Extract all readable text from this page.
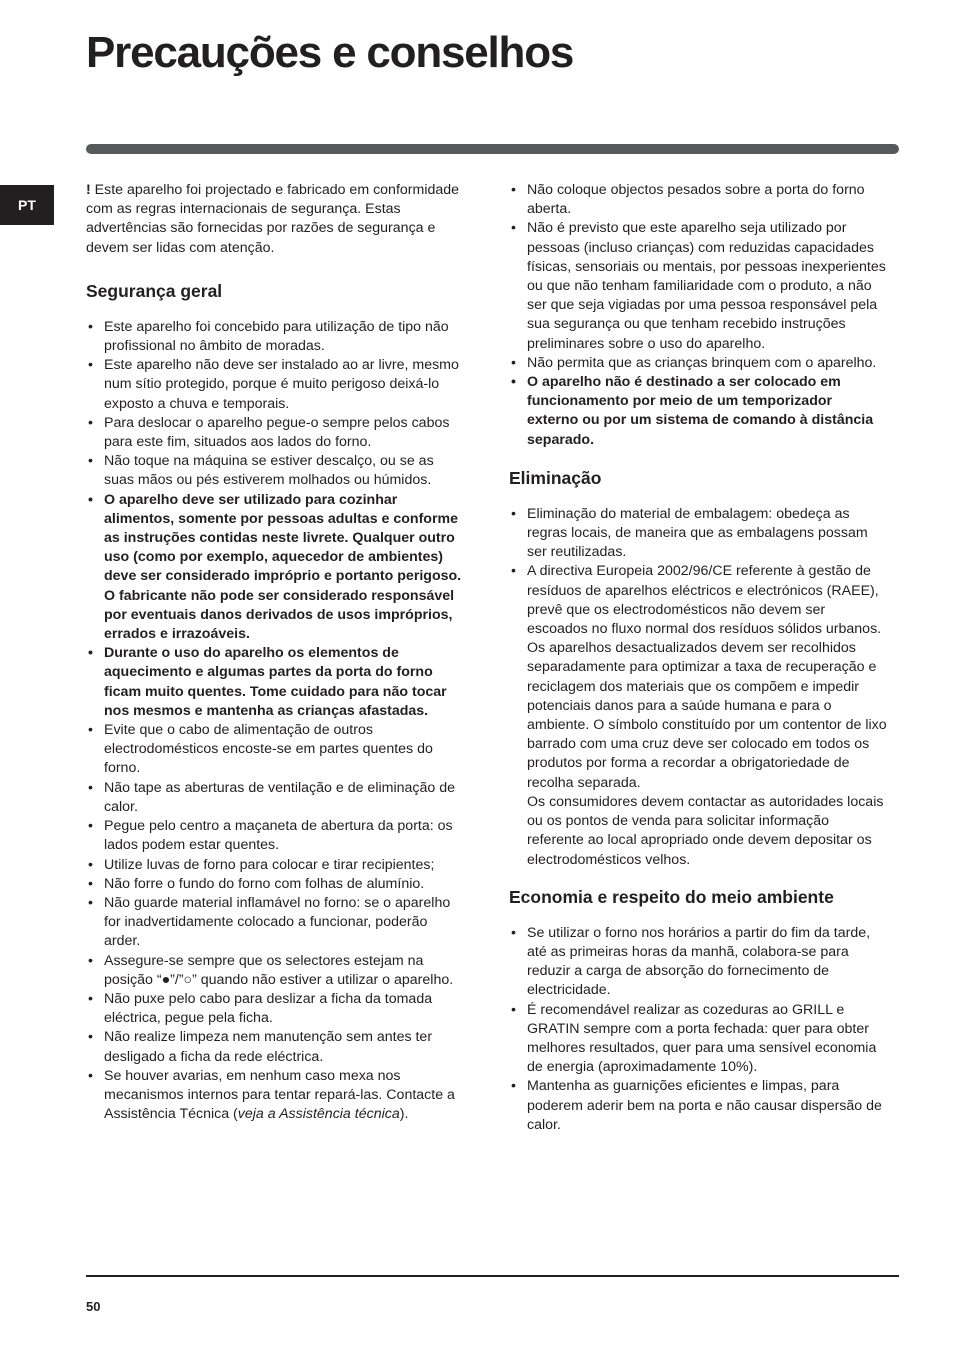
Precauções e conselhos
PT

! Este aparelho foi projectado e fabricado em conformidade com as regras internacionais de segurança. Estas advertências são fornecidas por razões de segurança e devem ser lidas com atenção.

Segurança geral
• Este aparelho foi concebido para utilização de tipo não profissional no âmbito de moradas.
• Este aparelho não deve ser instalado ao ar livre, mesmo num sítio protegido, porque é muito perigoso deixá-lo exposto a chuva e temporais.
• Para deslocar o aparelho pegue-o sempre pelos cabos para este fim, situados aos lados do forno.
• Não toque na máquina se estiver descalço, ou se as suas mãos ou pés estiverem molhados ou húmidos.
• O aparelho deve ser utilizado para cozinhar alimentos, somente por pessoas adultas e conforme as instruções contidas neste livrete. Qualquer outro uso (como por exemplo, aquecedor de ambientes) deve ser considerado impróprio e portanto perigoso. O fabricante não pode ser considerado responsável por eventuais danos derivados de usos impróprios, errados e irrazoáveis.
• Durante o uso do aparelho os elementos de aquecimento e algumas partes da porta do forno ficam muito quentes. Tome cuidado para não tocar nos mesmos e mantenha as crianças afastadas.
• Evite que o cabo de alimentação de outros electrodomésticos encoste-se em partes quentes do forno.
• Não tape as aberturas de ventilação e de eliminação de calor.
• Pegue pelo centro a maçaneta de abertura da porta: os lados podem estar quentes.
• Utilize luvas de forno para colocar e tirar recipientes;
• Não forre o fundo do forno com folhas de alumínio.
• Não guarde material inflamável no forno: se o aparelho for inadvertidamente colocado a funcionar, poderão arder.
• Assegure-se sempre que os selectores estejam na posição “●”/”○” quando não estiver a utilizar o aparelho.
• Não puxe pelo cabo para deslizar a ficha da tomada eléctrica, pegue pela ficha.
• Não realize limpeza nem manutenção sem antes ter desligado a ficha da rede eléctrica.
• Se houver avarias, em nenhum caso mexa nos mecanismos internos para tentar repará-las. Contacte a Assistência Técnica (veja a Assistência técnica).
• Não coloque objectos pesados sobre a porta do forno aberta.
• Não é previsto que este aparelho seja utilizado por pessoas (incluso crianças) com reduzidas capacidades físicas, sensoriais ou mentais, por pessoas inexperientes ou que não tenham familiaridade com o produto, a não ser que seja vigiadas por uma pessoa responsável pela sua segurança ou que tenham recebido instruções preliminares sobre o uso do aparelho.
• Não permita que as crianças brinquem com o aparelho.
• O aparelho não é destinado a ser colocado em funcionamento por meio de um temporizador externo ou por um sistema de comando à distância separado.
Eliminação
• Eliminação do material de embalagem: obedeça as regras locais, de maneira que as embalagens possam ser reutilizadas.
• A directiva Europeia 2002/96/CE referente à gestão de resíduos de aparelhos eléctricos e electrónicos (RAEE), prevê que os electrodomésticos não devem ser escoados no fluxo normal dos resíduos sólidos urbanos. Os aparelhos desactualizados devem ser recolhidos separadamente para optimizar a taxa de recuperação e reciclagem dos materiais que os compõem e impedir potenciais danos para a saúde humana e para o ambiente. O símbolo constituído por um contentor de lixo barrado com uma cruz deve ser colocado em todos os produtos por forma a recordar a obrigatoriedade de recolha separada.
Os consumidores devem contactar as autoridades locais ou os pontos de venda para solicitar informação referente ao local apropriado onde devem depositar os electrodomésticos velhos.
Economia e respeito do meio ambiente
• Se utilizar o forno nos horários a partir do fim da tarde, até as primeiras horas da manhã, colabora-se para reduzir a carga de absorção do fornecimento de electricidade.
• É recomendável realizar as cozeduras ao GRILL e GRATIN sempre com a porta fechada: quer para obter melhores resultados, quer para uma sensível economia de energia (aproximadamente 10%).
• Mantenha as guarnições eficientes e limpas, para poderem aderir bem na porta e não causar dispersão de calor.
50
